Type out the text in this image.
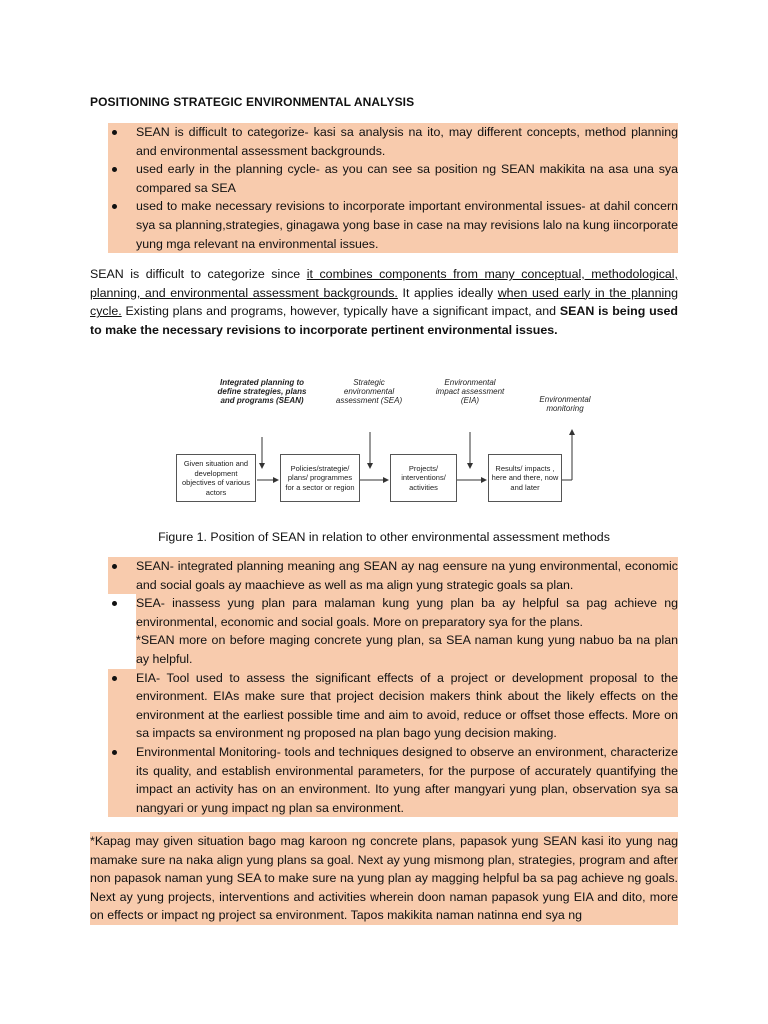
POSITIONING STRATEGIC ENVIRONMENTAL ANALYSIS
SEAN is difficult to categorize- kasi sa analysis na ito, may different concepts, method planning and environmental assessment backgrounds.
used early in the planning cycle- as you can see sa position ng SEAN makikita na asa una sya compared sa SEA
used to make necessary revisions to incorporate important environmental issues- at dahil concern sya sa planning,strategies, ginagawa yong base in case na may revisions lalo na kung iincorporate yung mga relevant na environmental issues.
SEAN is difficult to categorize since it combines components from many conceptual, methodological, planning, and environmental assessment backgrounds. It applies ideally when used early in the planning cycle. Existing plans and programs, however, typically have a significant impact, and SEAN is being used to make the necessary revisions to incorporate pertinent environmental issues.
Integrated planning to define strategies, plans and programs (SEAN)
Strategic environmental assessment (SEA)
Environmental impact assessment (EIA)	Environmental monitoring
Given situation and development objectives of various actors
Policies/strategie/ plans/ programmes for a sector or region
Projects/ interventions/ activities
Results/ impacts , here and there, now and later
Figure 1. Position of SEAN in relation to other environmental assessment methods
SEAN- integrated planning meaning ang SEAN ay nag eensure na yung environmental, economic and social goals ay maachieve as well as ma align yung strategic goals sa plan.
SEA- inassess yung plan para malaman kung yung plan ba ay helpful sa pag achieve ng environmental, economic and social goals. More on preparatory sya for the plans.
*SEAN more on before maging concrete yung plan, sa SEA naman kung yung nabuo ba na plan ay helpful.
EIA- Tool used to assess the significant effects of a project or development proposal to the environment. EIAs make sure that project decision makers think about the likely effects on the environment at the earliest possible time and aim to avoid, reduce or offset those effects. More on sa impacts sa environment ng proposed na plan bago yung decision making.
Environmental Monitoring- tools and techniques designed to observe an environment, characterize its quality, and establish environmental parameters, for the purpose of accurately quantifying the impact an activity has on an environment. Ito yung after mangyari yung plan, observation sya sa nangyari or yung impact ng plan sa environment.
*Kapag may given situation bago mag karoon ng concrete plans, papasok yung SEAN kasi ito yung nag mamake sure na naka align yung plans sa goal. Next ay yung mismong plan, strategies, program and after non papasok naman yung SEA to make sure na yung plan ay magging helpful ba sa pag achieve ng goals. Next ay yung projects, interventions and activities wherein doon naman papasok yung EIA and dito, more on effects or impact ng project sa environment. Tapos makikita naman natinna end sya ng
